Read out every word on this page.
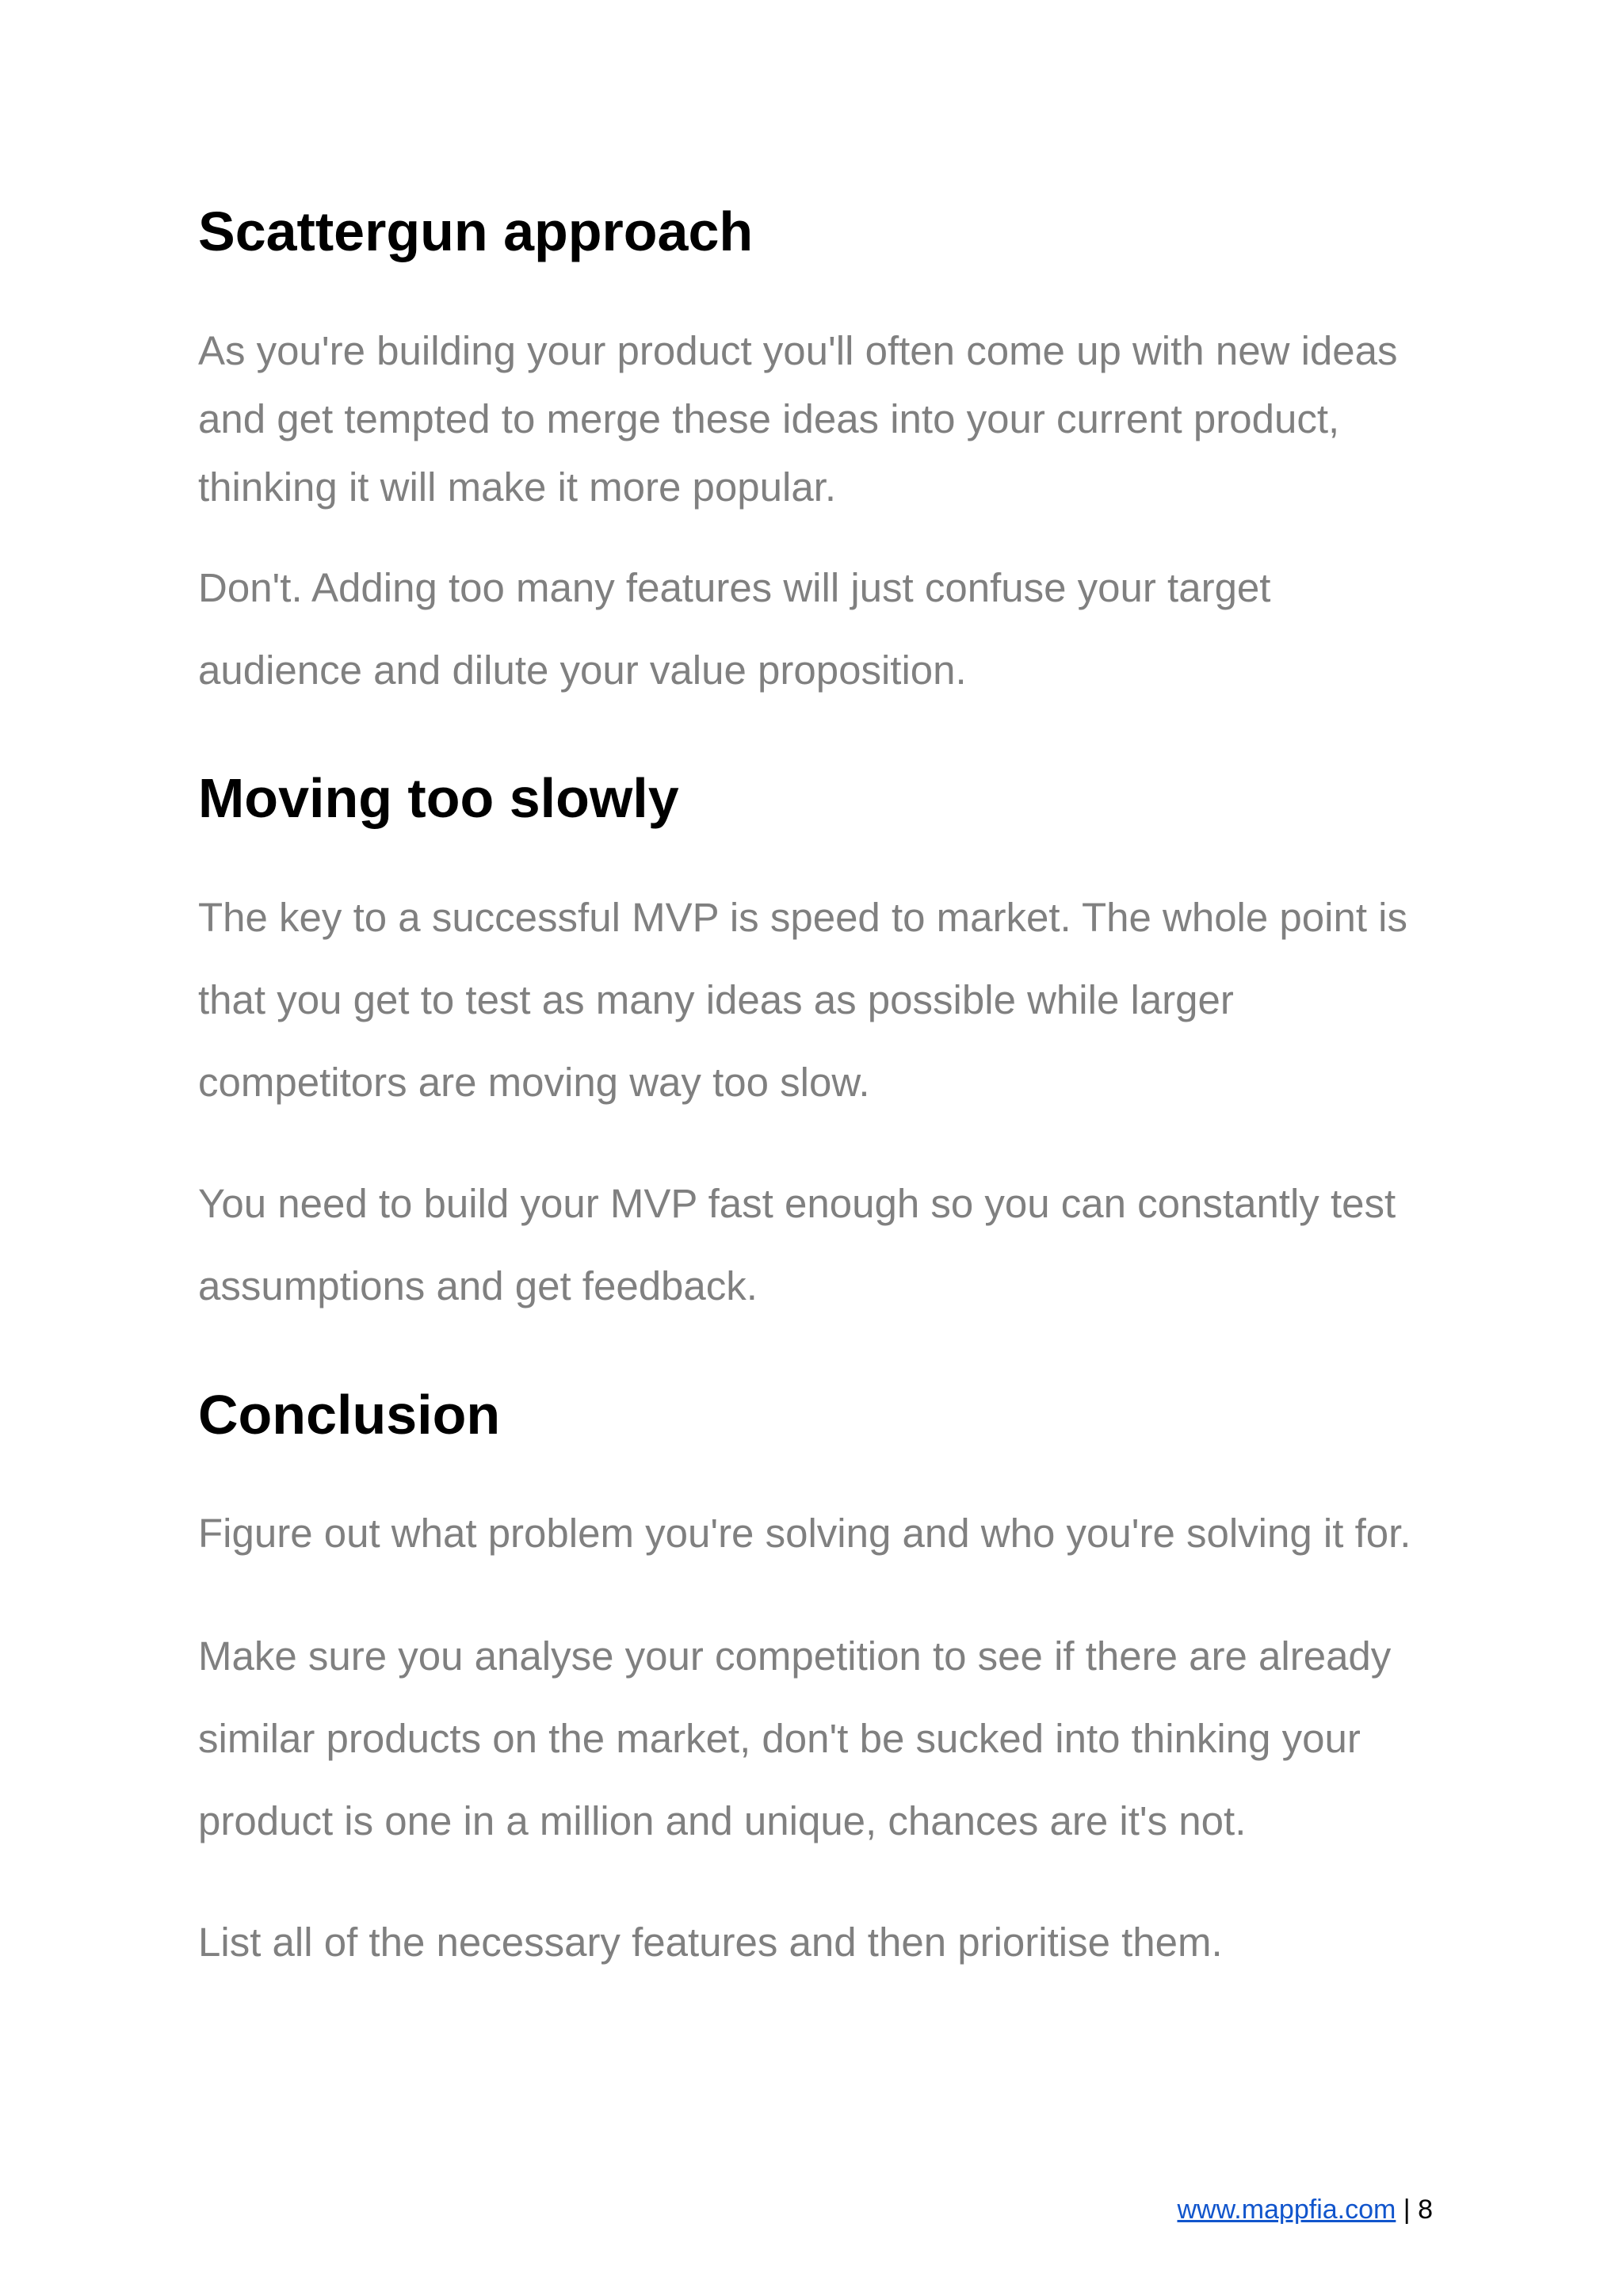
Scattergun approach

As you're building your product you'll often come up with new ideas
and get tempted to merge these ideas into your current product,
thinking it will make it more popular.

Don't. Adding too many features will just confuse your target
audience and dilute your value proposition.

Moving too slowly

The key to a successful MVP is speed to market. The whole point is
that you get to test as many ideas as possible while larger
competitors are moving way too slow.

You need to build your MVP fast enough so you can constantly test
assumptions and get feedback.

Conclusion

Figure out what problem you're solving and who you're solving it for.

Make sure you analyse your competition to see if there are already
similar products on the market, don't be sucked into thinking your
product is one in a million and unique, chances are it's not.

List all of the necessary features and then prioritise them.

www.mappfia.com | 8
